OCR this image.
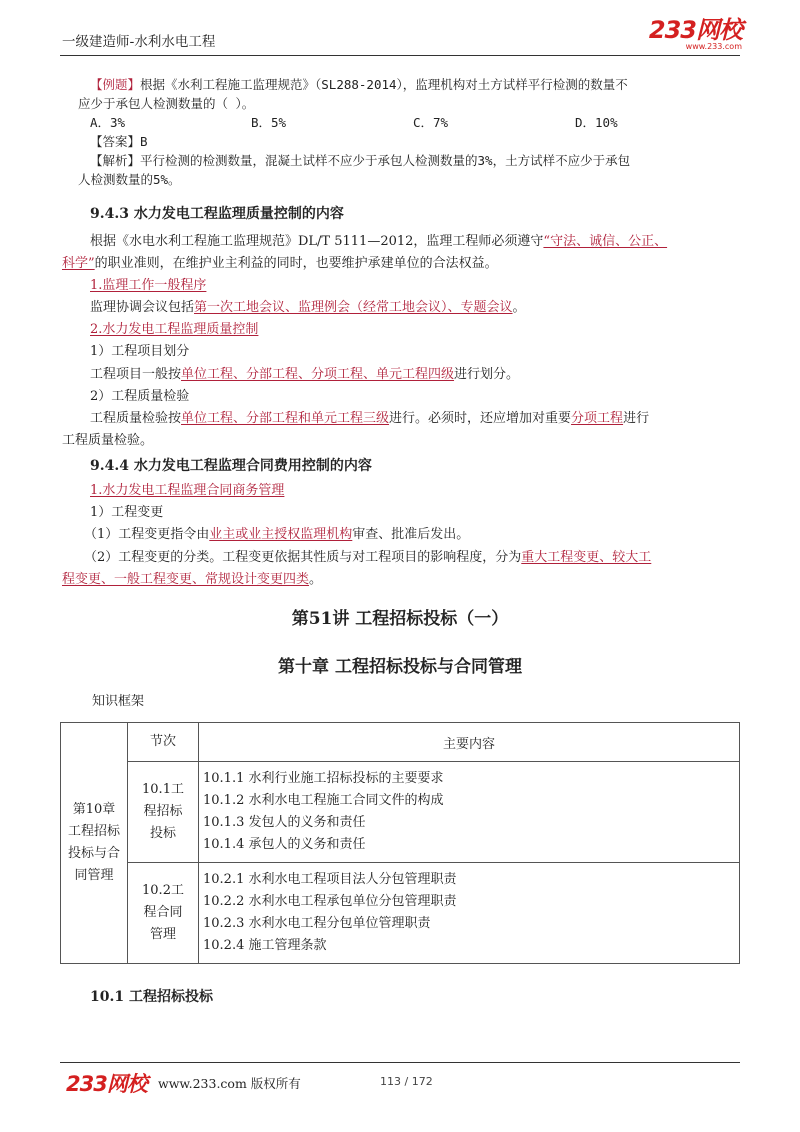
一级建造师-水利水电工程	233网校
www.233.com
【例题】根据《水利工程施工监理规范》（SL288-2014），监理机构对土方试样平行检测的数量不
应少于承包人检测数量的（ ）。
A．3%	B．5%	C．7%	D．10%
【答案】B
【解析】平行检测的检测数量，混凝土试样不应少于承包人检测数量的3%，土方试样不应少于承包
人检测数量的5%。
9.4.3 水力发电工程监理质量控制的内容
根据《水电水利工程施工监理规范》DL/T 5111—2012，监理工程师必须遵守“守法、诚信、公正、
科学”的职业准则，在维护业主利益的同时，也要维护承建单位的合法权益。
1.监理工作一般程序
监理协调会议包括第一次工地会议、监理例会（经常工地会议）、专题会议。
2.水力发电工程监理质量控制
1）工程项目划分
工程项目一般按单位工程、分部工程、分项工程、单元工程四级进行划分。
2）工程质量检验
工程质量检验按单位工程、分部工程和单元工程三级进行。必须时，还应增加对重要分项工程进行
工程质量检验。
9.4.4 水力发电工程监理合同费用控制的内容
1.水力发电工程监理合同商务管理
1）工程变更
（1）工程变更指令由业主或业主授权监理机构审查、批准后发出。
（2）工程变更的分类。工程变更依据其性质与对工程项目的影响程度，分为重大工程变更、较大工
程变更、一般工程变更、常规设计变更四类。
第51讲 工程招标投标（一）
第十章 工程招标投标与合同管理
知识框架
第10章工程招标投标与合同管理	节次	主要内容

	10.1工程招标投标	10.1.1 水利行业施工招标投标的主要要求
10.1.2 水利水电工程施工合同文件的构成
10.1.3 发包人的义务和责任
10.1.4 承包人的义务和责任

	10.2工程合同管理	10.2.1 水利水电工程项目法人分包管理职责
10.2.2 水利水电工程承包单位分包管理职责
10.2.3 水利水电工程分包单位管理职责
10.2.4 施工管理条款
10.1 工程招标投标
233网校 www.233.com 版权所有	113 / 172
